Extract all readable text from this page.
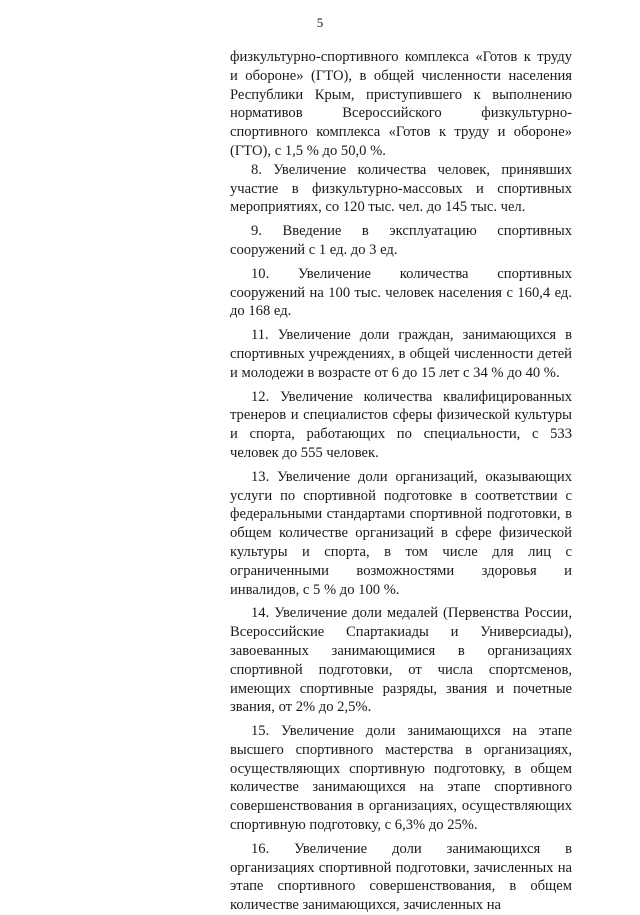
5

физкультурно-спортивного комплекса «Готов к труду и обороне» (ГТО), в общей численности населения Республики Крым, приступившего к выполнению нормативов Всероссийского физкультурно-спортивного комплекса «Готов к труду и обороне» (ГТО), с 1,5 % до 50,0 %.

8. Увеличение количества человек, принявших участие в физкультурно-массовых и спортивных мероприятиях, со 120 тыс. чел. до 145 тыс. чел.

9. Введение в эксплуатацию спортивных сооружений с 1 ед. до 3 ед.

10. Увеличение количества спортивных сооружений на 100 тыс. человек населения с 160,4 ед. до 168 ед.

11. Увеличение доли граждан, занимающихся в спортивных учреждениях, в общей численности детей и молодежи в возрасте от 6 до 15 лет с 34 % до 40 %.

12. Увеличение количества квалифицированных тренеров и специалистов сферы физической культуры и спорта, работающих по специальности, с 533 человек до 555 человек.

13. Увеличение доли организаций, оказывающих услуги по спортивной подготовке в соответствии с федеральными стандартами спортивной подготовки, в общем количестве организаций в сфере физической культуры и спорта, в том числе для лиц с ограниченными возможностями здоровья и инвалидов, с 5 % до 100 %.

14. Увеличение доли медалей (Первенства России, Всероссийские Спартакиады и Универсиады), завоеванных занимающимися в организациях спортивной подготовки, от числа спортсменов, имеющих спортивные разряды, звания и почетные звания, от 2% до 2,5%.

15. Увеличение доли занимающихся на этапе высшего спортивного мастерства в организациях, осуществляющих спортивную подготовку, в общем количестве занимающихся на этапе спортивного совершенствования в организациях, осуществляющих спортивную подготовку, с 6,3% до 25%.

16. Увеличение доли занимающихся в организациях спортивной подготовки, зачисленных на этапе спортивного совершенствования, в общем количестве занимающихся, зачисленных на
